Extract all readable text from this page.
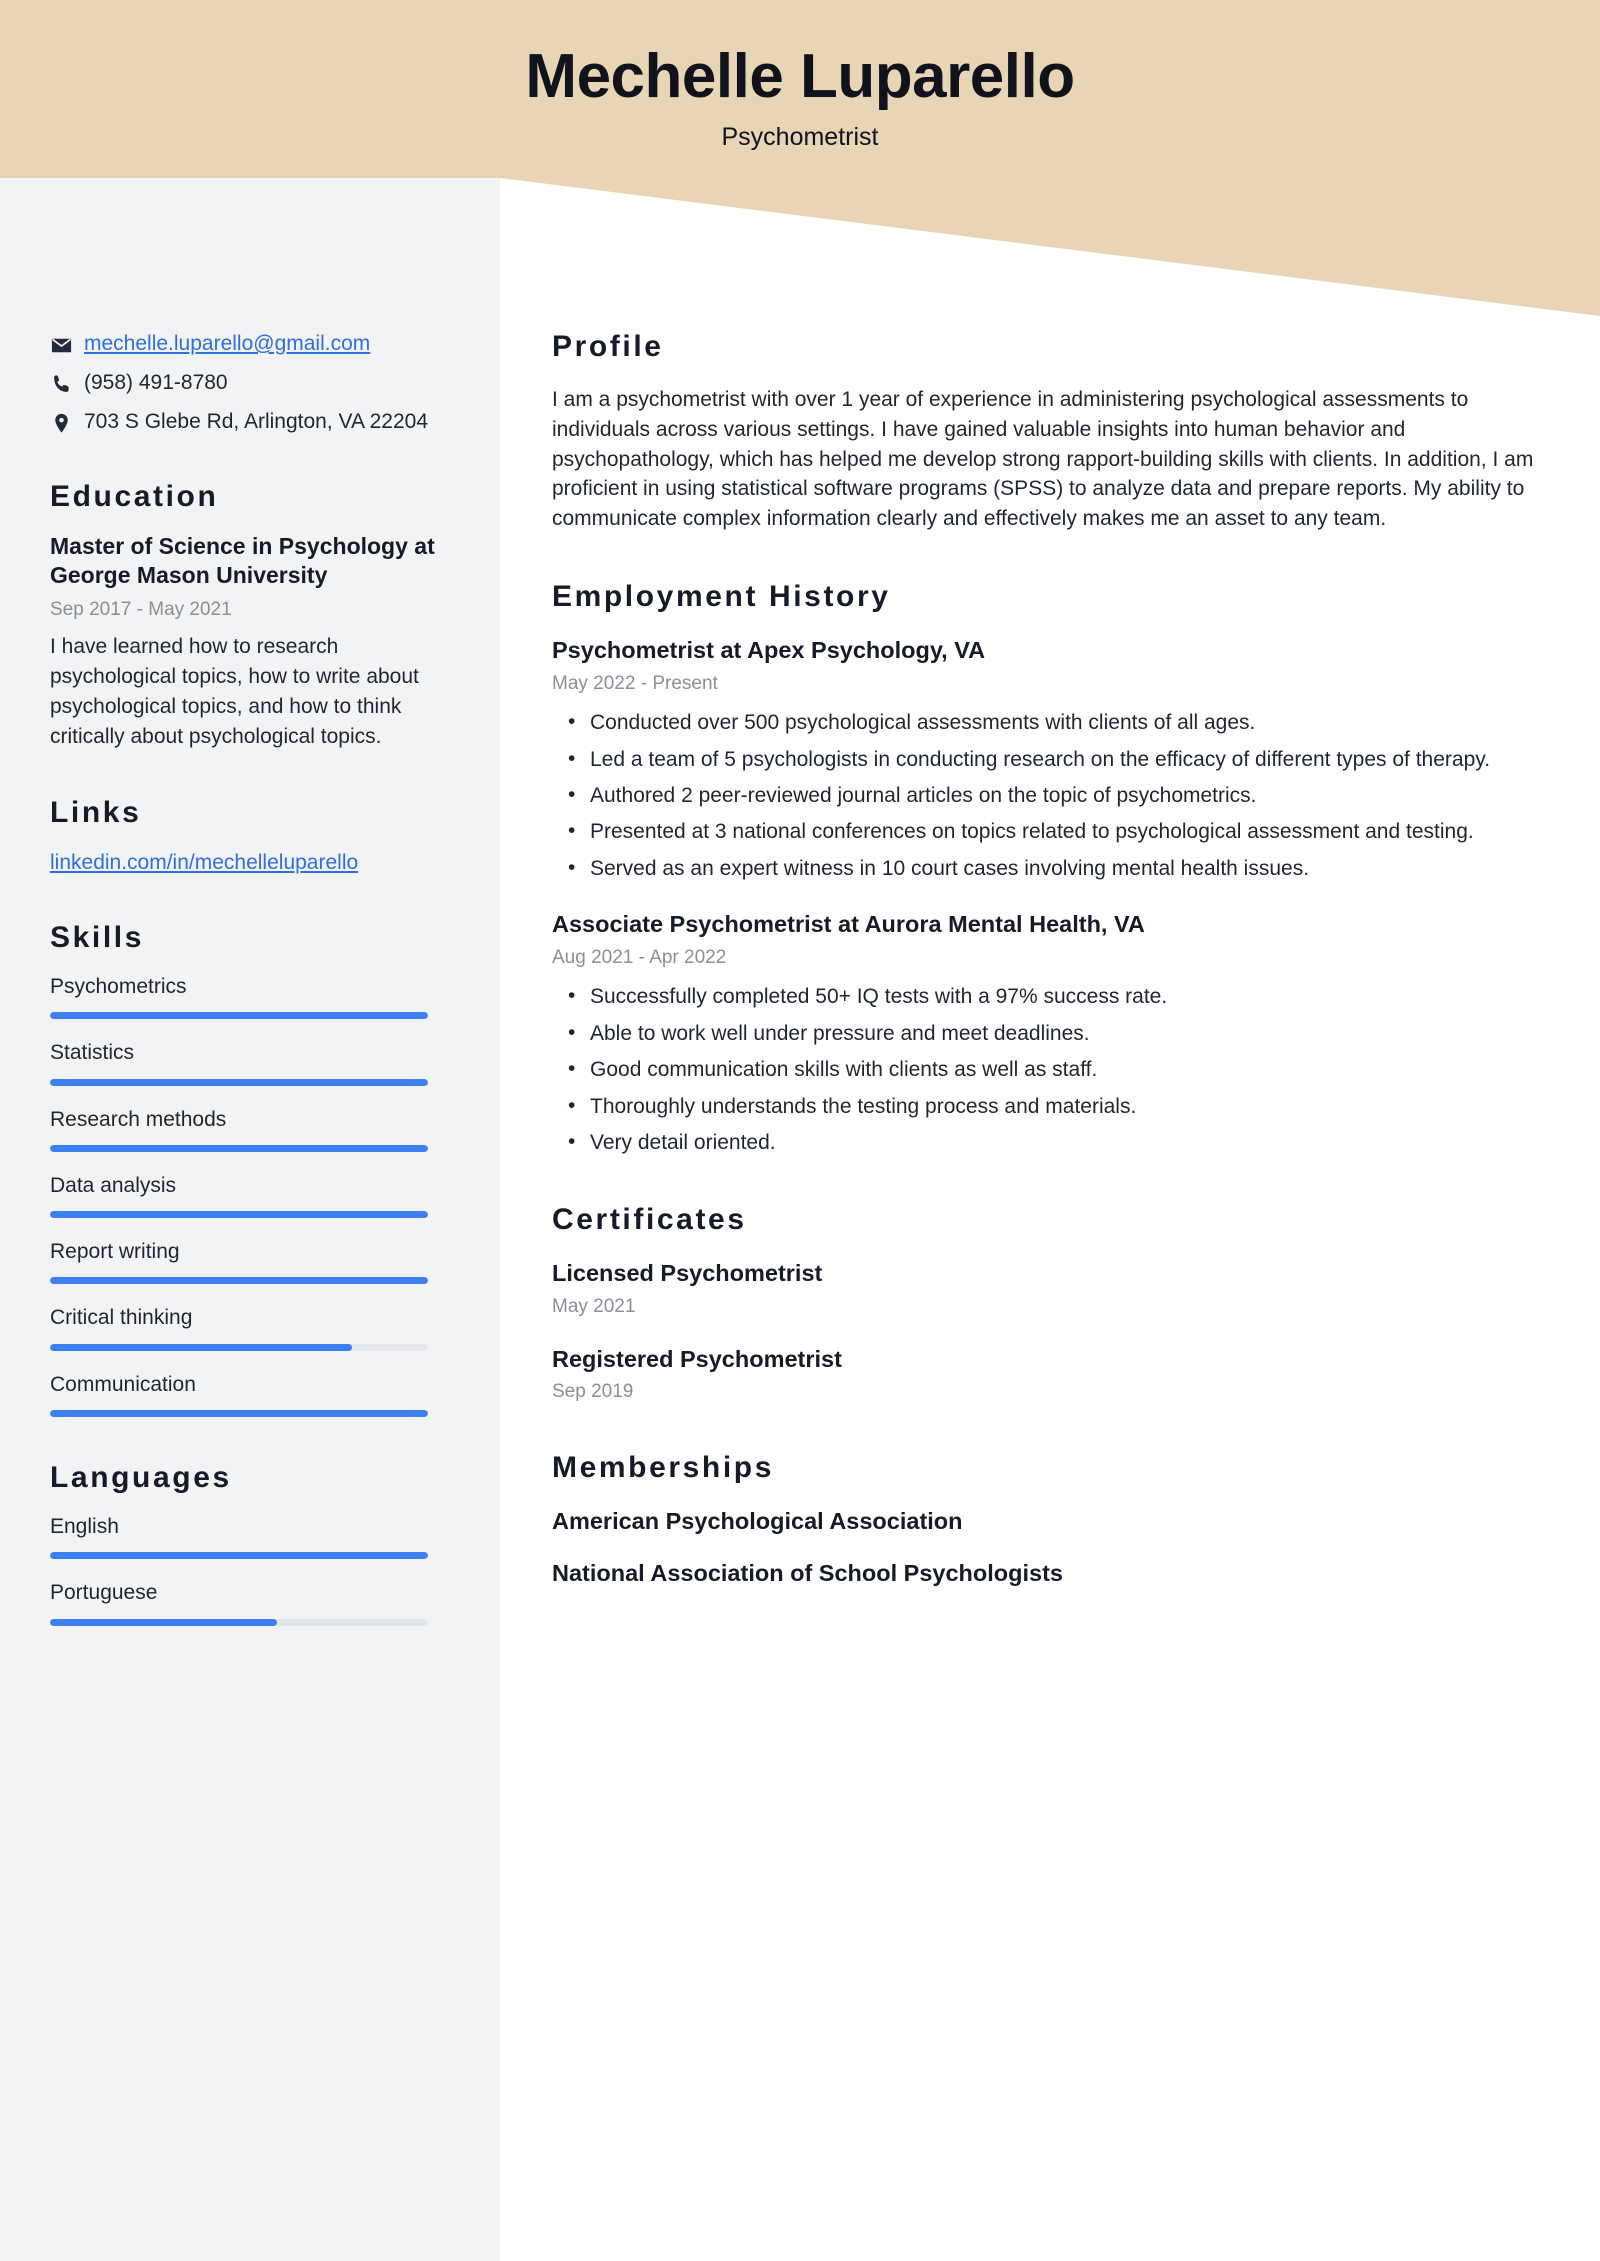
Mechelle Luparello
Psychometrist
mechelle.luparello@gmail.com
(958) 491-8780
703 S Glebe Rd, Arlington, VA 22204
Education
Master of Science in Psychology at George Mason University
Sep 2017 - May 2021
I have learned how to research psychological topics, how to write about psychological topics, and how to think critically about psychological topics.
Links
linkedin.com/in/mechelleluparello
Skills
Psychometrics
Statistics
Research methods
Data analysis
Report writing
Critical thinking
Communication
Languages
English
Portuguese
Profile
I am a psychometrist with over 1 year of experience in administering psychological assessments to individuals across various settings. I have gained valuable insights into human behavior and psychopathology, which has helped me develop strong rapport-building skills with clients. In addition, I am proficient in using statistical software programs (SPSS) to analyze data and prepare reports. My ability to communicate complex information clearly and effectively makes me an asset to any team.
Employment History
Psychometrist at Apex Psychology, VA
May 2022 - Present
• Conducted over 500 psychological assessments with clients of all ages.
• Led a team of 5 psychologists in conducting research on the efficacy of different types of therapy.
• Authored 2 peer-reviewed journal articles on the topic of psychometrics.
• Presented at 3 national conferences on topics related to psychological assessment and testing.
• Served as an expert witness in 10 court cases involving mental health issues.
Associate Psychometrist at Aurora Mental Health, VA
Aug 2021 - Apr 2022
• Successfully completed 50+ IQ tests with a 97% success rate.
• Able to work well under pressure and meet deadlines.
• Good communication skills with clients as well as staff.
• Thoroughly understands the testing process and materials.
• Very detail oriented.
Certificates
Licensed Psychometrist
May 2021
Registered Psychometrist
Sep 2019
Memberships
American Psychological Association
National Association of School Psychologists
